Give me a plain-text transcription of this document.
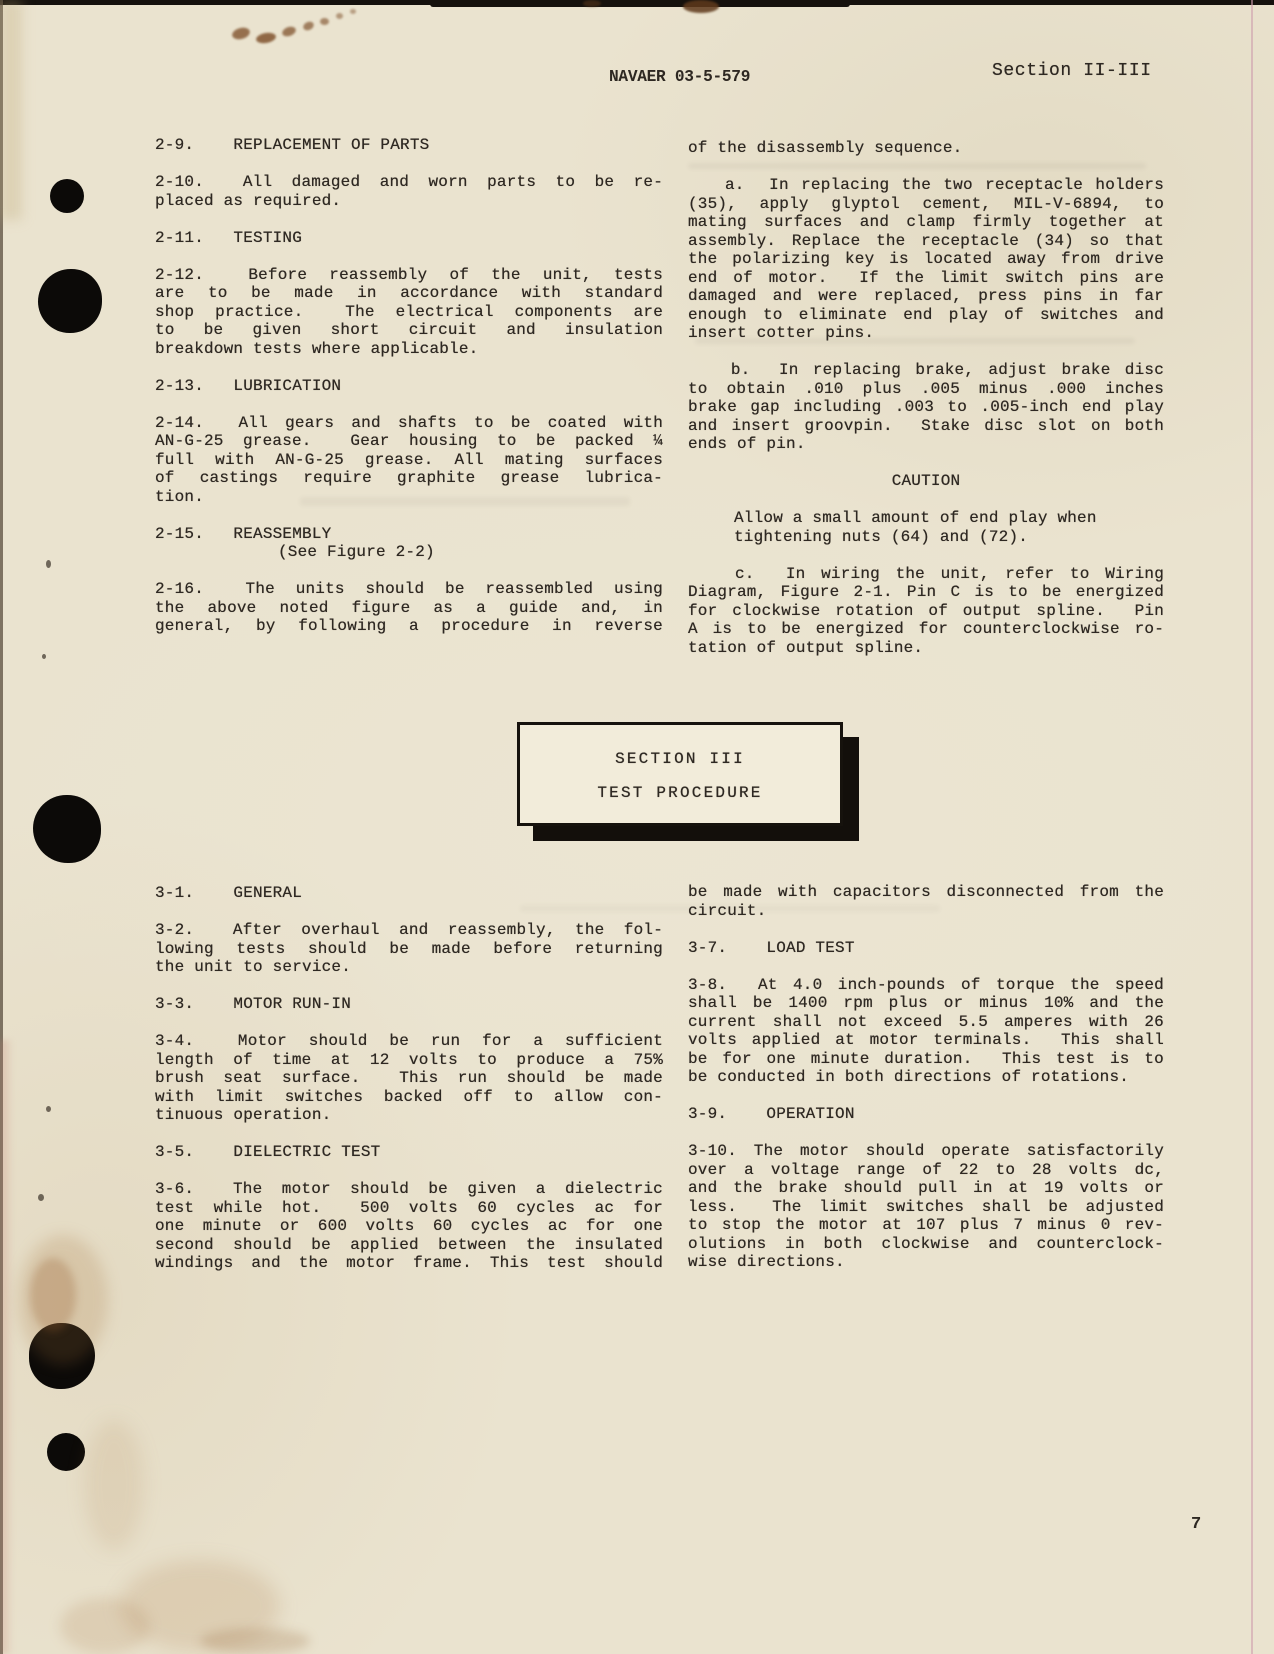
NAVAER 03-5-579	Section II-III
2-9.    REPLACEMENT OF PARTS
2-10.  All damaged and worn parts to be re-
placed as required.
2-11.   TESTING
2-12.  Before reassembly of the unit, tests
are to be made in accordance with standard
shop practice.  The electrical components are
to be given short circuit and insulation
breakdown tests where applicable.
2-13.   LUBRICATION
2-14.  All gears and shafts to be coated with
AN-G-25 grease.  Gear housing to be packed ¼
full with AN-G-25 grease. All mating surfaces
of castings require graphite grease lubrica-
tion.
2-15.   REASSEMBLY
(See Figure 2-2)
2-16.  The units should be reassembled using
the above noted figure as a guide and, in
general, by following a procedure in reverse
of the disassembly sequence.
a.  In replacing the two receptacle holders
(35), apply glyptol cement, MIL-V-6894, to
mating surfaces and clamp firmly together at
assembly. Replace the receptacle (34) so that
the polarizing key is located away from drive
end of motor.  If the limit switch pins are
damaged and were replaced, press pins in far
enough to eliminate end play of switches and
insert cotter pins.
b.  In replacing brake, adjust brake disc
to obtain .010 plus .005 minus .000 inches
brake gap including .003 to .005-inch end play
and insert groovpin.  Stake disc slot on both
ends of pin.
CAUTION
Allow a small amount of end play when
tightening nuts (64) and (72).
c.  In wiring the unit, refer to Wiring
Diagram, Figure 2-1. Pin C is to be energized
for clockwise rotation of output spline.  Pin
A is to be energized for counterclockwise ro-
tation of output spline.
SECTION III
TEST PROCEDURE
3-1.    GENERAL
3-2.  After overhaul and reassembly, the fol-
lowing tests should be made before returning
the unit to service.
3-3.    MOTOR RUN-IN
3-4.  Motor should be run for a sufficient
length of time at 12 volts to produce a 75%
brush seat surface.  This run should be made
with limit switches backed off to allow con-
tinuous operation.
3-5.    DIELECTRIC TEST
3-6.  The motor should be given a dielectric
test while hot.  500 volts 60 cycles ac for
one minute or 600 volts 60 cycles ac for one
second should be applied between the insulated
windings and the motor frame. This test should
be made with capacitors disconnected from the
circuit.
3-7.    LOAD TEST
3-8.  At 4.0 inch-pounds of torque the speed
shall be 1400 rpm plus or minus 10% and the
current shall not exceed 5.5 amperes with 26
volts applied at motor terminals.  This shall
be for one minute duration.  This test is to
be conducted in both directions of rotations.
3-9.    OPERATION
3-10. The motor should operate satisfactorily
over a voltage range of 22 to 28 volts dc,
and the brake should pull in at 19 volts or
less.  The limit switches shall be adjusted
to stop the motor at 107 plus 7 minus 0 rev-
olutions in both clockwise and counterclock-
wise directions.
7
